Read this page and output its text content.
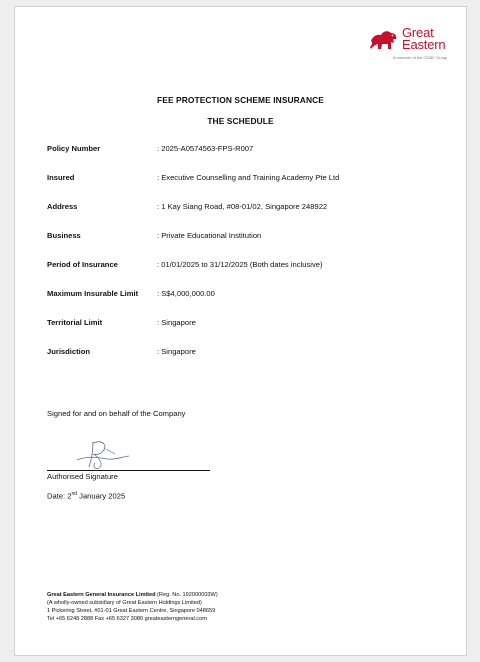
Great
Eastern
A member of the OCBC Group
FEE PROTECTION SCHEME INSURANCE
THE SCHEDULE
Policy Number	: 2025-A0574563-FPS-R007
Insured	: Executive Counselling and Training Academy Pte Ltd
Address	: 1 Kay Siang Road, #08-01/02, Singapore 248922
Business	: Private Educational Institution
Period of Insurance	: 01/01/2025 to 31/12/2025 (Both dates inclusive)
Maximum Insurable Limit : S$4,000,000.00
Territorial Limit	: Singapore
Jurisdiction	: Singapore
Signed for and on behalf of the Company
Authorised Signature
Date: 2nd January 2025
Great Eastern General Insurance Limited (Reg. No. 192000003W)
(A wholly-owned subsidiary of Great Eastern Holdings Limited)
1 Pickering Street, #01-01 Great Eastern Centre, Singapore 048659
Tel +65 6248 2888 Fax +65 6327 3080 greateasterngeneral.com
